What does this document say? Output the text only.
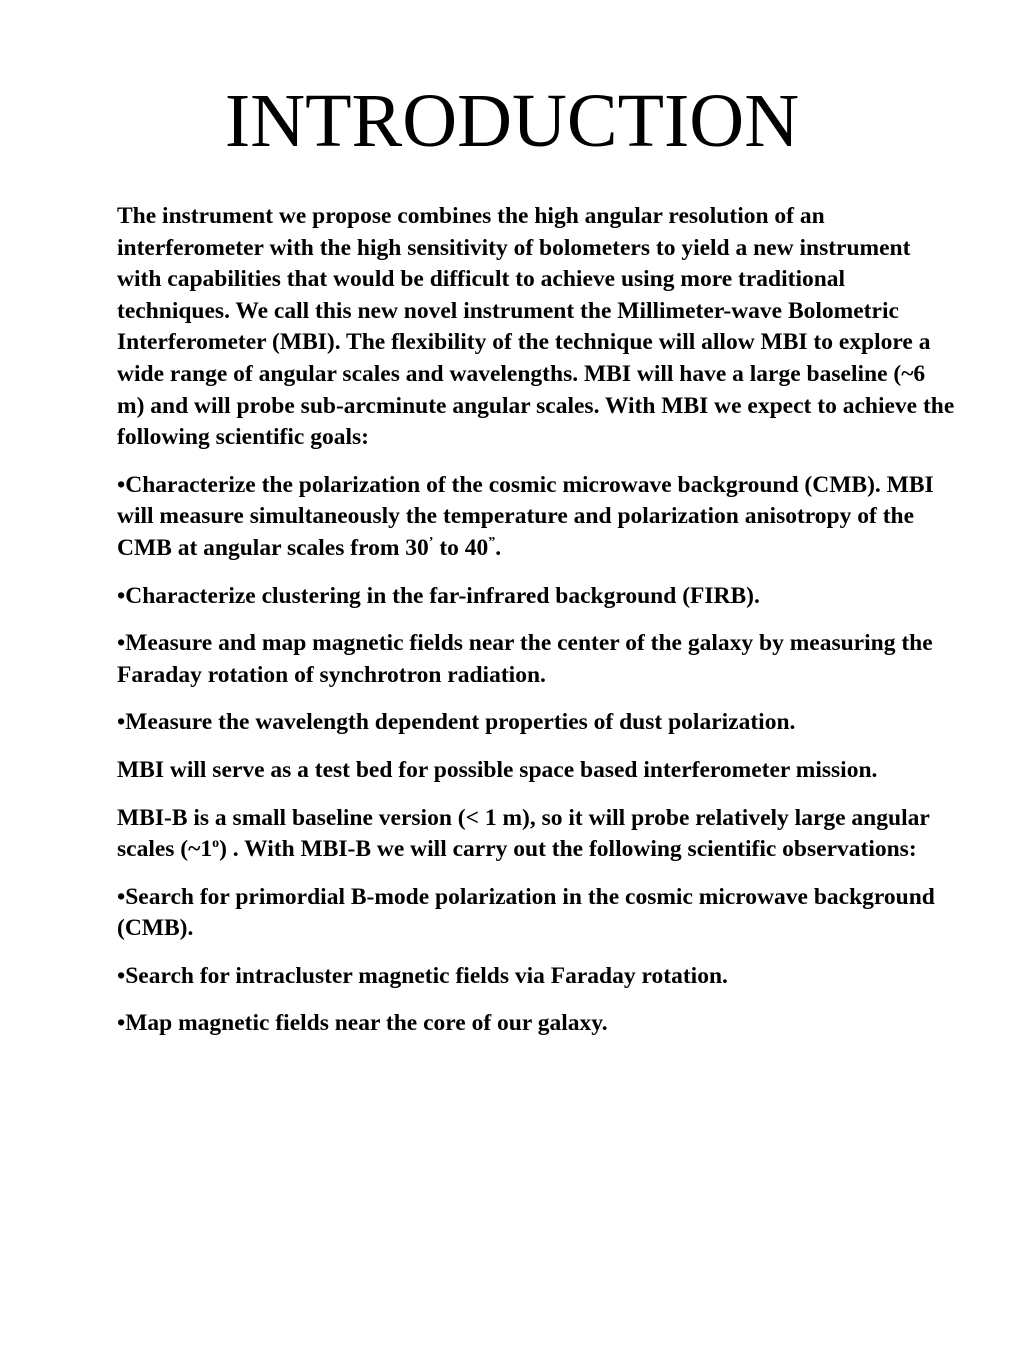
INTRODUCTION

The instrument we propose combines the high angular resolution of an interferometer with the high sensitivity of bolometers to yield a new instrument with capabilities that would be difficult to achieve using more traditional techniques. We call this new novel instrument the Millimeter-wave Bolometric Interferometer (MBI). The flexibility of the technique will allow MBI to explore a wide range of angular scales and wavelengths. MBI will have a large baseline (~6 m) and will probe sub-arcminute angular scales. With MBI we expect to achieve the following scientific goals:

•Characterize the polarization of the cosmic microwave background (CMB). MBI will measure simultaneously the temperature and polarization anisotropy of the CMB at angular scales from 30’ to 40”.

•Characterize clustering in the far-infrared background (FIRB).

•Measure and map magnetic fields near the center of the galaxy by measuring the Faraday rotation of synchrotron radiation.

•Measure the wavelength dependent properties of dust polarization.

MBI will serve as a test bed for possible space based interferometer mission.

MBI-B is a small baseline version (< 1 m), so it will probe relatively large angular scales (~1$^o$) . With MBI-B we will carry out the following scientific observations:

•Search for primordial B-mode polarization in the cosmic microwave background (CMB).

•Search for intracluster magnetic fields via Faraday rotation.

•Map magnetic fields near the core of our galaxy.
